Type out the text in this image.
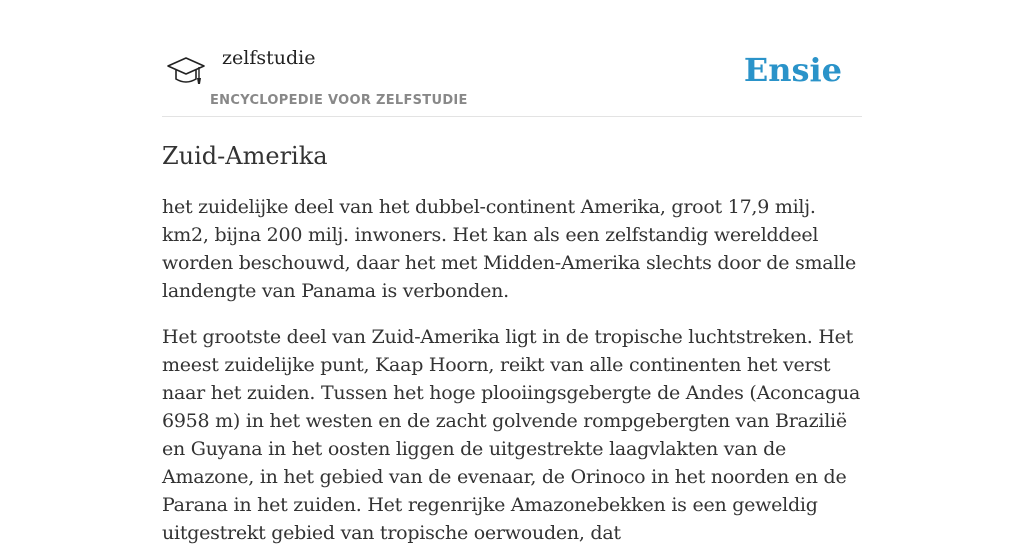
zelfstudie
ENCYCLOPEDIE VOOR ZELFSTUDIE
Ensie
Zuid-Amerika

het zuidelijke deel van het dubbel-continent Amerika, groot 17,9 milj. km2, bijna 200 milj. inwoners. Het kan als een zelfstandig werelddeel worden beschouwd, daar het met Midden-Amerika slechts door de smalle landengte van Panama is verbonden.

Het grootste deel van Zuid-Amerika ligt in de tropische luchtstreken. Het meest zuidelijke punt, Kaap Hoorn, reikt van alle continenten het verst naar het zuiden. Tussen het hoge plooiingsgebergte de Andes (Aconcagua 6958 m) in het westen en de zacht golvende rompgebergten van Brazilië en Guyana in het oosten liggen de uitgestrekte laagvlakten van de Amazone, in het gebied van de evenaar, de Orinoco in het noorden en de Parana in het zuiden. Het regenrijke Amazonebekken is een geweldig uitgestrekt gebied van tropische oerwouden, dat
